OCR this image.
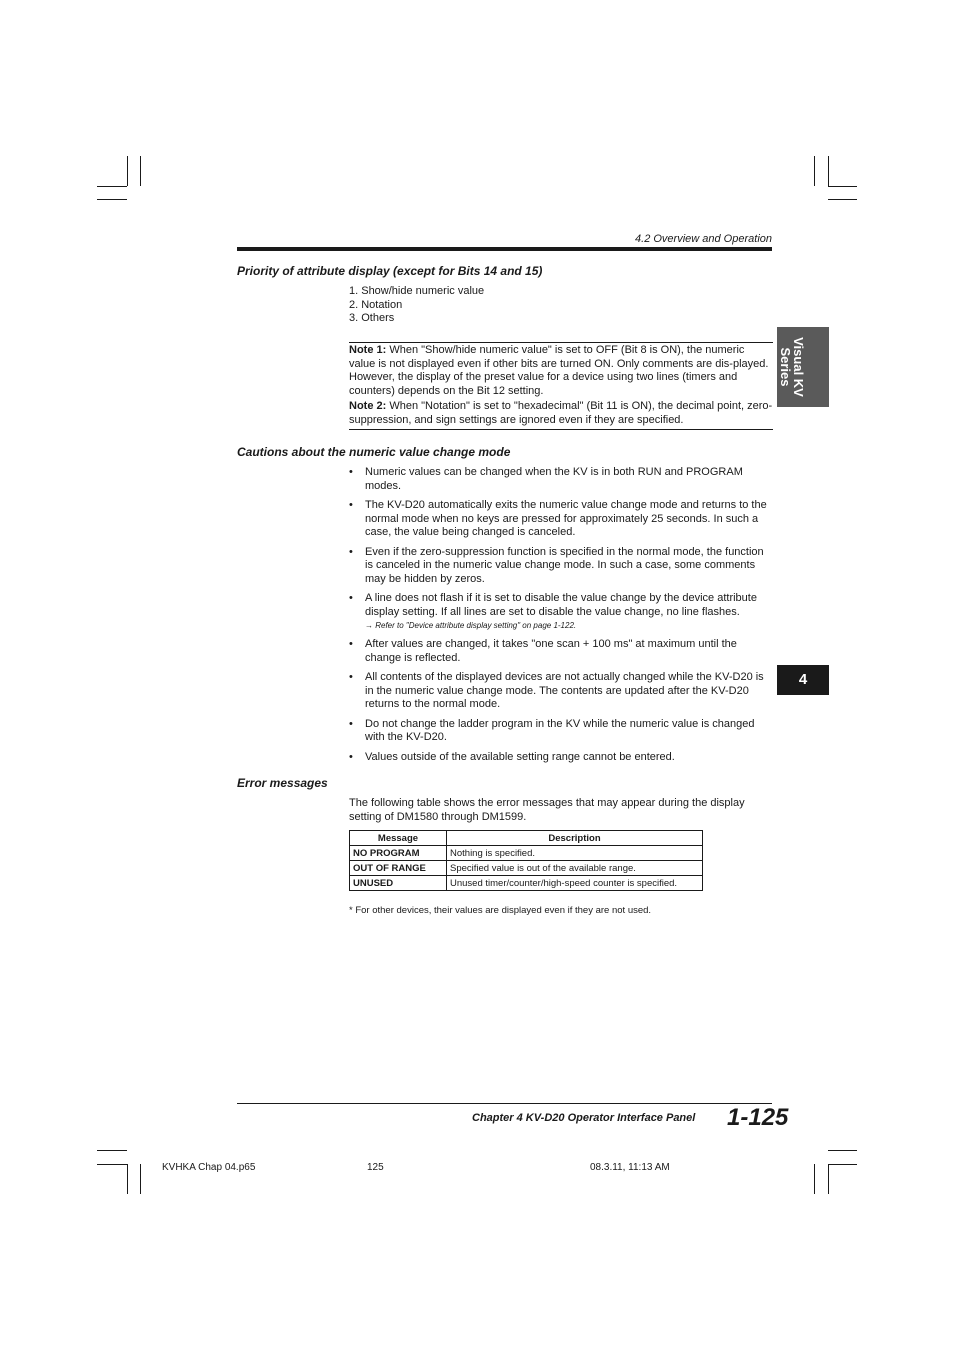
4.2 Overview and Operation
Visual KV
Series
4
Priority of attribute display (except for Bits 14 and 15)
1. Show/hide numeric value
2. Notation
3. Others

Note 1: When "Show/hide numeric value" is set to OFF (Bit 8 is ON), the numeric value is not displayed even if other bits are turned ON. Only comments are dis-played. However, the display of the preset value for a device using two lines (timers and counters) depends on the Bit 12 setting.

Note 2: When "Notation" is set to "hexadecimal" (Bit 11 is ON), the decimal point, zero-suppression, and sign settings are ignored even if they are specified.

Cautions about the numeric value change mode
• Numeric values can be changed when the KV is in both RUN and PROGRAM modes.
• The KV-D20 automatically exits the numeric value change mode and returns to the normal mode when no keys are pressed for approximately 25 seconds. In such a case, the value being changed is canceled.
• Even if the zero-suppression function is specified in the normal mode, the function is canceled in the numeric value change mode. In such a case, some comments may be hidden by zeros.
• A line does not flash if it is set to disable the value change by the device attribute display setting. If all lines are set to disable the value change, no line flashes.
→ Refer to "Device attribute display setting" on page 1-122.
• After values are changed, it takes "one scan + 100 ms" at maximum until the change is reflected.
• All contents of the displayed devices are not actually changed while the KV-D20 is in the numeric value change mode. The contents are updated after the KV-D20 returns to the normal mode.
• Do not change the ladder program in the KV while the numeric value is changed with the KV-D20.
• Values outside of the available setting range cannot be entered.
Error messages
The following table shows the error messages that may appear during the display setting of DM1580 through DM1599.
Message	Description
NO PROGRAM	Nothing is specified.
OUT OF RANGE	Specified value is out of the available range.
UNUSED	Unused timer/counter/high-speed counter is specified.
* For other devices, their values are displayed even if they are not used.
Chapter 4 KV-D20 Operator Interface Panel 1-125
KVHKA Chap 04.p65	125	08.3.11, 11:13 AM
